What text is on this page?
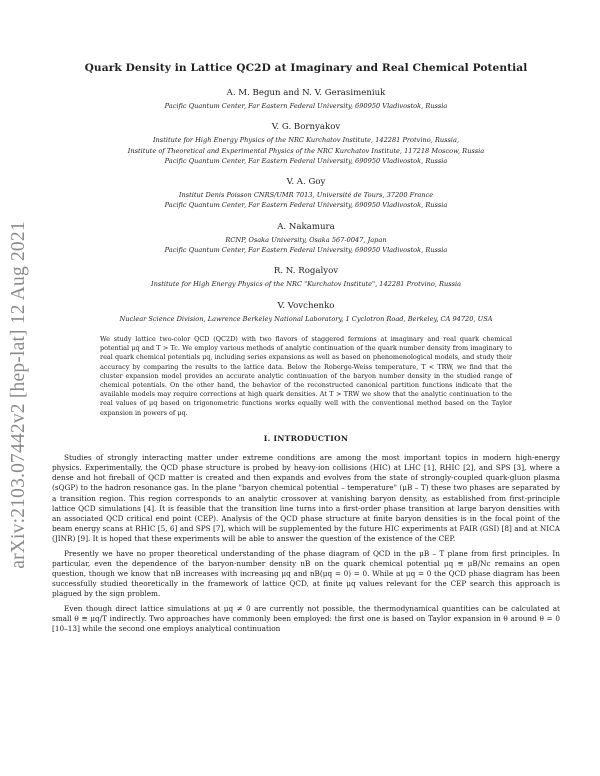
arXiv:2103.07442v2 [hep-lat] 12 Aug 2021
Quark Density in Lattice QC2D at Imaginary and Real Chemical Potential
A. M. Begun and N. V. Gerasimeniuk
Pacific Quantum Center, Far Eastern Federal University, 690950 Vladivostok, Russia
V. G. Bornyakov
Institute for High Energy Physics of the NRC Kurchatov Institute, 142281 Protvino, Russia,
Institute of Theoretical and Experimental Physics of the NRC Kurchatov Institute, 117218 Moscow, Russia
Pacific Quantum Center, Far Eastern Federal University, 690950 Vladivostok, Russia
V. A. Goy
Institut Denis Poisson CNRS/UMR 7013, Université de Tours, 37200 France
Pacific Quantum Center, Far Eastern Federal University, 690950 Vladivostok, Russia
A. Nakamura
RCNP, Osaka University, Osaka 567-0047, Japan
Pacific Quantum Center, Far Eastern Federal University, 690950 Vladivostok, Russia
R. N. Rogalyov
Institute for High Energy Physics of the NRC "Kurchatov Institute", 142281 Protvino, Russia
V. Vovchenko
Nuclear Science Division, Lawrence Berkeley National Laboratory, 1 Cyclotron Road, Berkeley, CA 94720, USA
We study lattice two-color QCD (QC2D) with two flavors of staggered fermions at imaginary and real quark chemical potential μq and T > Tc. We employ various methods of analytic continuation of the quark number density from imaginary to real quark chemical potentials μq, including series expansions as well as based on phenomenological models, and study their accuracy by comparing the results to the lattice data. Below the Roberge-Weiss temperature, T < TRW, we find that the cluster expansion model provides an accurate analytic continuation of the baryon number density in the studied range of chemical potentials. On the other hand, the behavior of the reconstructed canonical partition functions indicate that the available models may require corrections at high quark densities. At T > TRW we show that the analytic continuation to the real values of μq based on trigonometric functions works equally well with the conventional method based on the Taylor expansion in powers of μq.
I. INTRODUCTION

Studies of strongly interacting matter under extreme conditions are among the most important topics in modern high-energy physics. Experimentally, the QCD phase structure is probed by heavy-ion collisions (HIC) at LHC [1], RHIC [2], and SPS [3], where a dense and hot fireball of QCD matter is created and then expands and evolves from the state of strongly-coupled quark-gluon plasma (sQGP) to the hadron resonance gas. In the plane "baryon chemical potential – temperature" (μB – T) these two phases are separated by a transition region. This region corresponds to an analytic crossover at vanishing baryon density, as established from first-principle lattice QCD simulations [4]. It is feasible that the transition line turns into a first-order phase transition at large baryon densities with an associated QCD critical end point (CEP). Analysis of the QCD phase structure at finite baryon densities is in the focal point of the beam energy scans at RHIC [5, 6] and SPS [7], which will be supplemented by the future HIC experiments at FAIR (GSI) [8] and at NICA (JINR) [9]. It is hoped that these experiments will be able to answer the question of the existence of the CEP.

Presently we have no proper theoretical understanding of the phase diagram of QCD in the μB – T plane from first principles. In particular, even the dependence of the baryon-number density nB on the quark chemical potential μq ≡ μB/Nc remains an open question, though we know that nB increases with increasing μq and nB(μq = 0) = 0. While at μq = 0 the QCD phase diagram has been successfully studied theoretically in the framework of lattice QCD, at finite μq values relevant for the CEP search this approach is plagued by the sign problem.

Even though direct lattice simulations at μq ≠ 0 are currently not possible, the thermodynamical quantities can be calculated at small θ ≡ μq/T indirectly. Two approaches have commonly been employed: the first one is based on Taylor expansion in θ around θ = 0 [10–13] while the second one employs analytical continuation
